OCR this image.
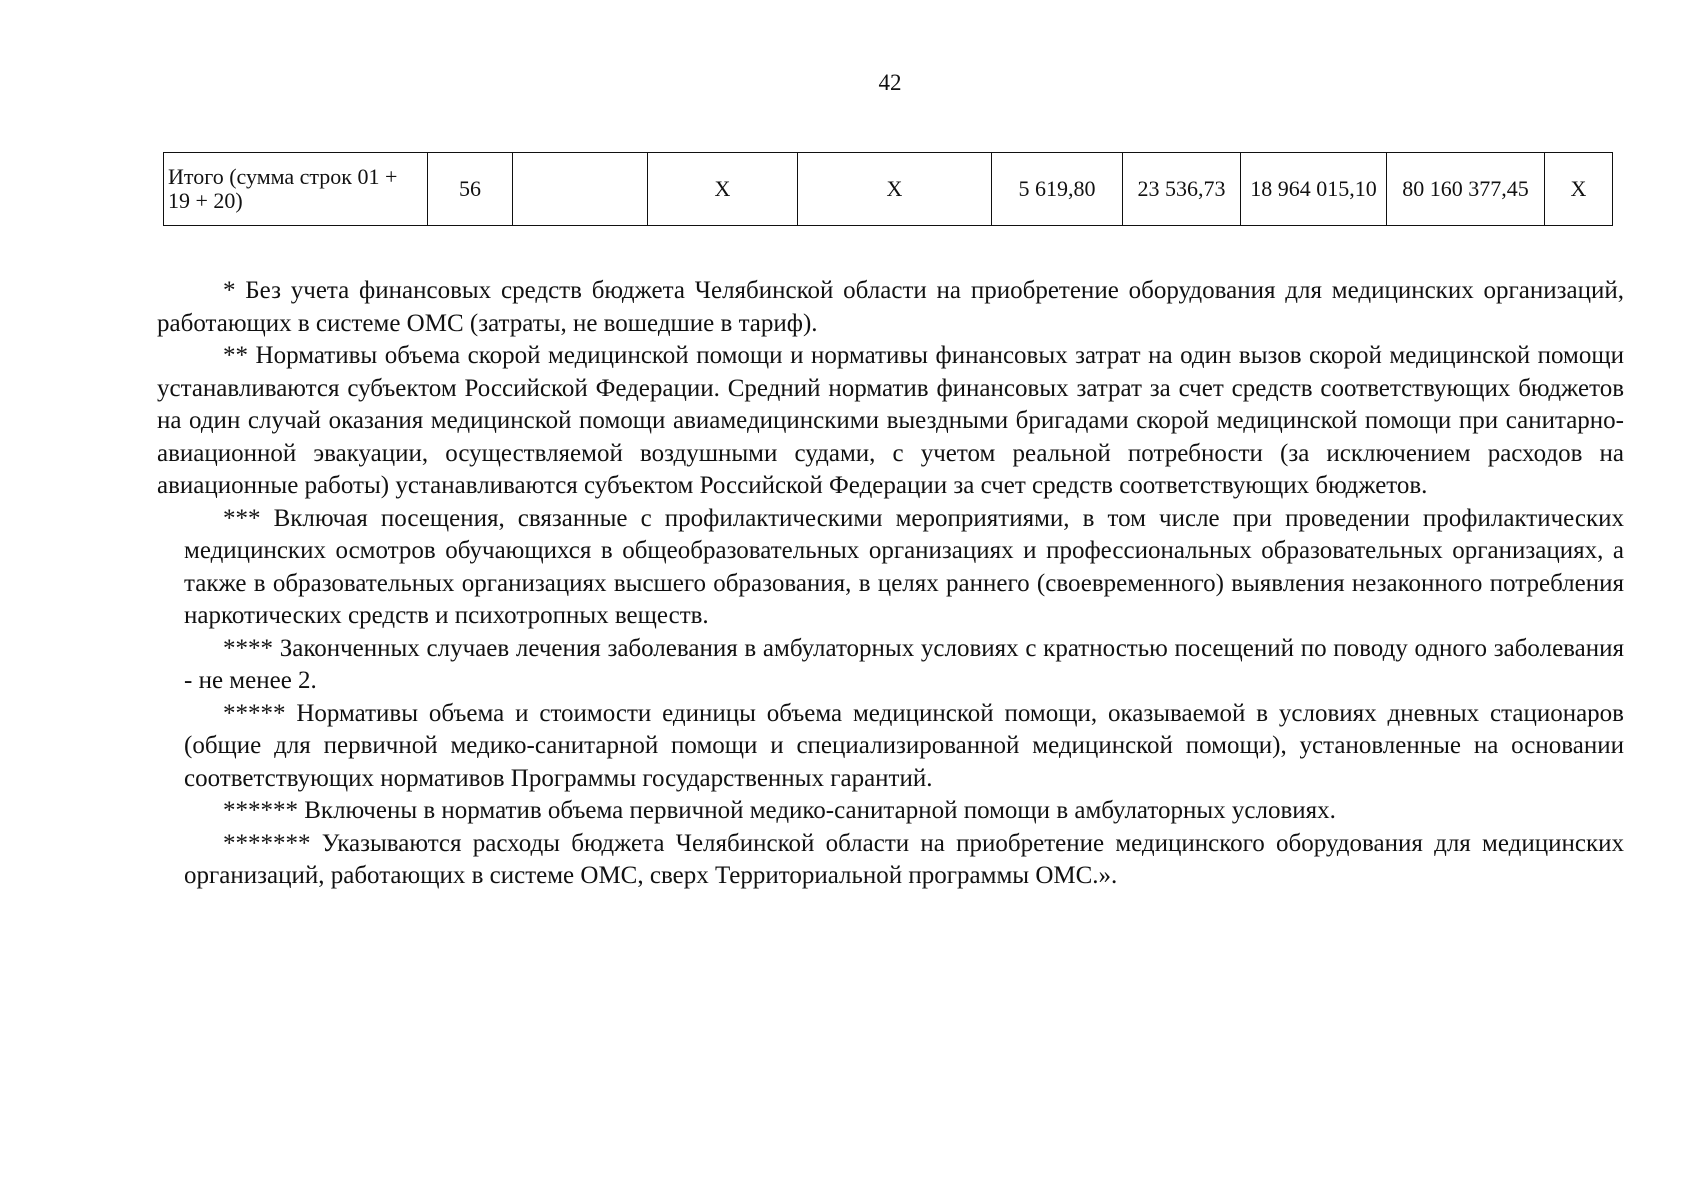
42
Итого (сумма строк 01 + 19 + 20)	56		X	X	5 619,80	23 536,73	18 964 015,10	80 160 377,45	X

* Без учета финансовых средств бюджета Челябинской области на приобретение оборудования для медицинских организаций, работающих в системе ОМС (затраты, не вошедшие в тариф).

** Нормативы объема скорой медицинской помощи и нормативы финансовых затрат на один вызов скорой медицинской помощи устанавливаются субъектом Российской Федерации. Средний норматив финансовых затрат за счет средств соответствующих бюджетов на один случай оказания медицинской помощи авиамедицинскими выездными бригадами скорой медицинской помощи при санитарно-авиационной эвакуации, осуществляемой воздушными судами, с учетом реальной потребности (за исключением расходов на авиационные работы) устанавливаются субъектом Российской Федерации за счет средств соответствующих бюджетов.

*** Включая посещения, связанные с профилактическими мероприятиями, в том числе при проведении профилактических медицинских осмотров обучающихся в общеобразовательных организациях и профессиональных образовательных организациях, а также в образовательных организациях высшего образования, в целях раннего (своевременного) выявления незаконного потребления наркотических средств и психотропных веществ.

**** Законченных случаев лечения заболевания в амбулаторных условиях с кратностью посещений по поводу одного заболевания - не менее 2.

***** Нормативы объема и стоимости единицы объема медицинской помощи, оказываемой в условиях дневных стационаров (общие для первичной медико-санитарной помощи и специализированной медицинской помощи), установленные на основании соответствующих нормативов Программы государственных гарантий.

****** Включены в норматив объема первичной медико-санитарной помощи в амбулаторных условиях.

******* Указываются расходы бюджета Челябинской области на приобретение медицинского оборудования для медицинских организаций, работающих в системе ОМС, сверх Территориальной программы ОМС.».
